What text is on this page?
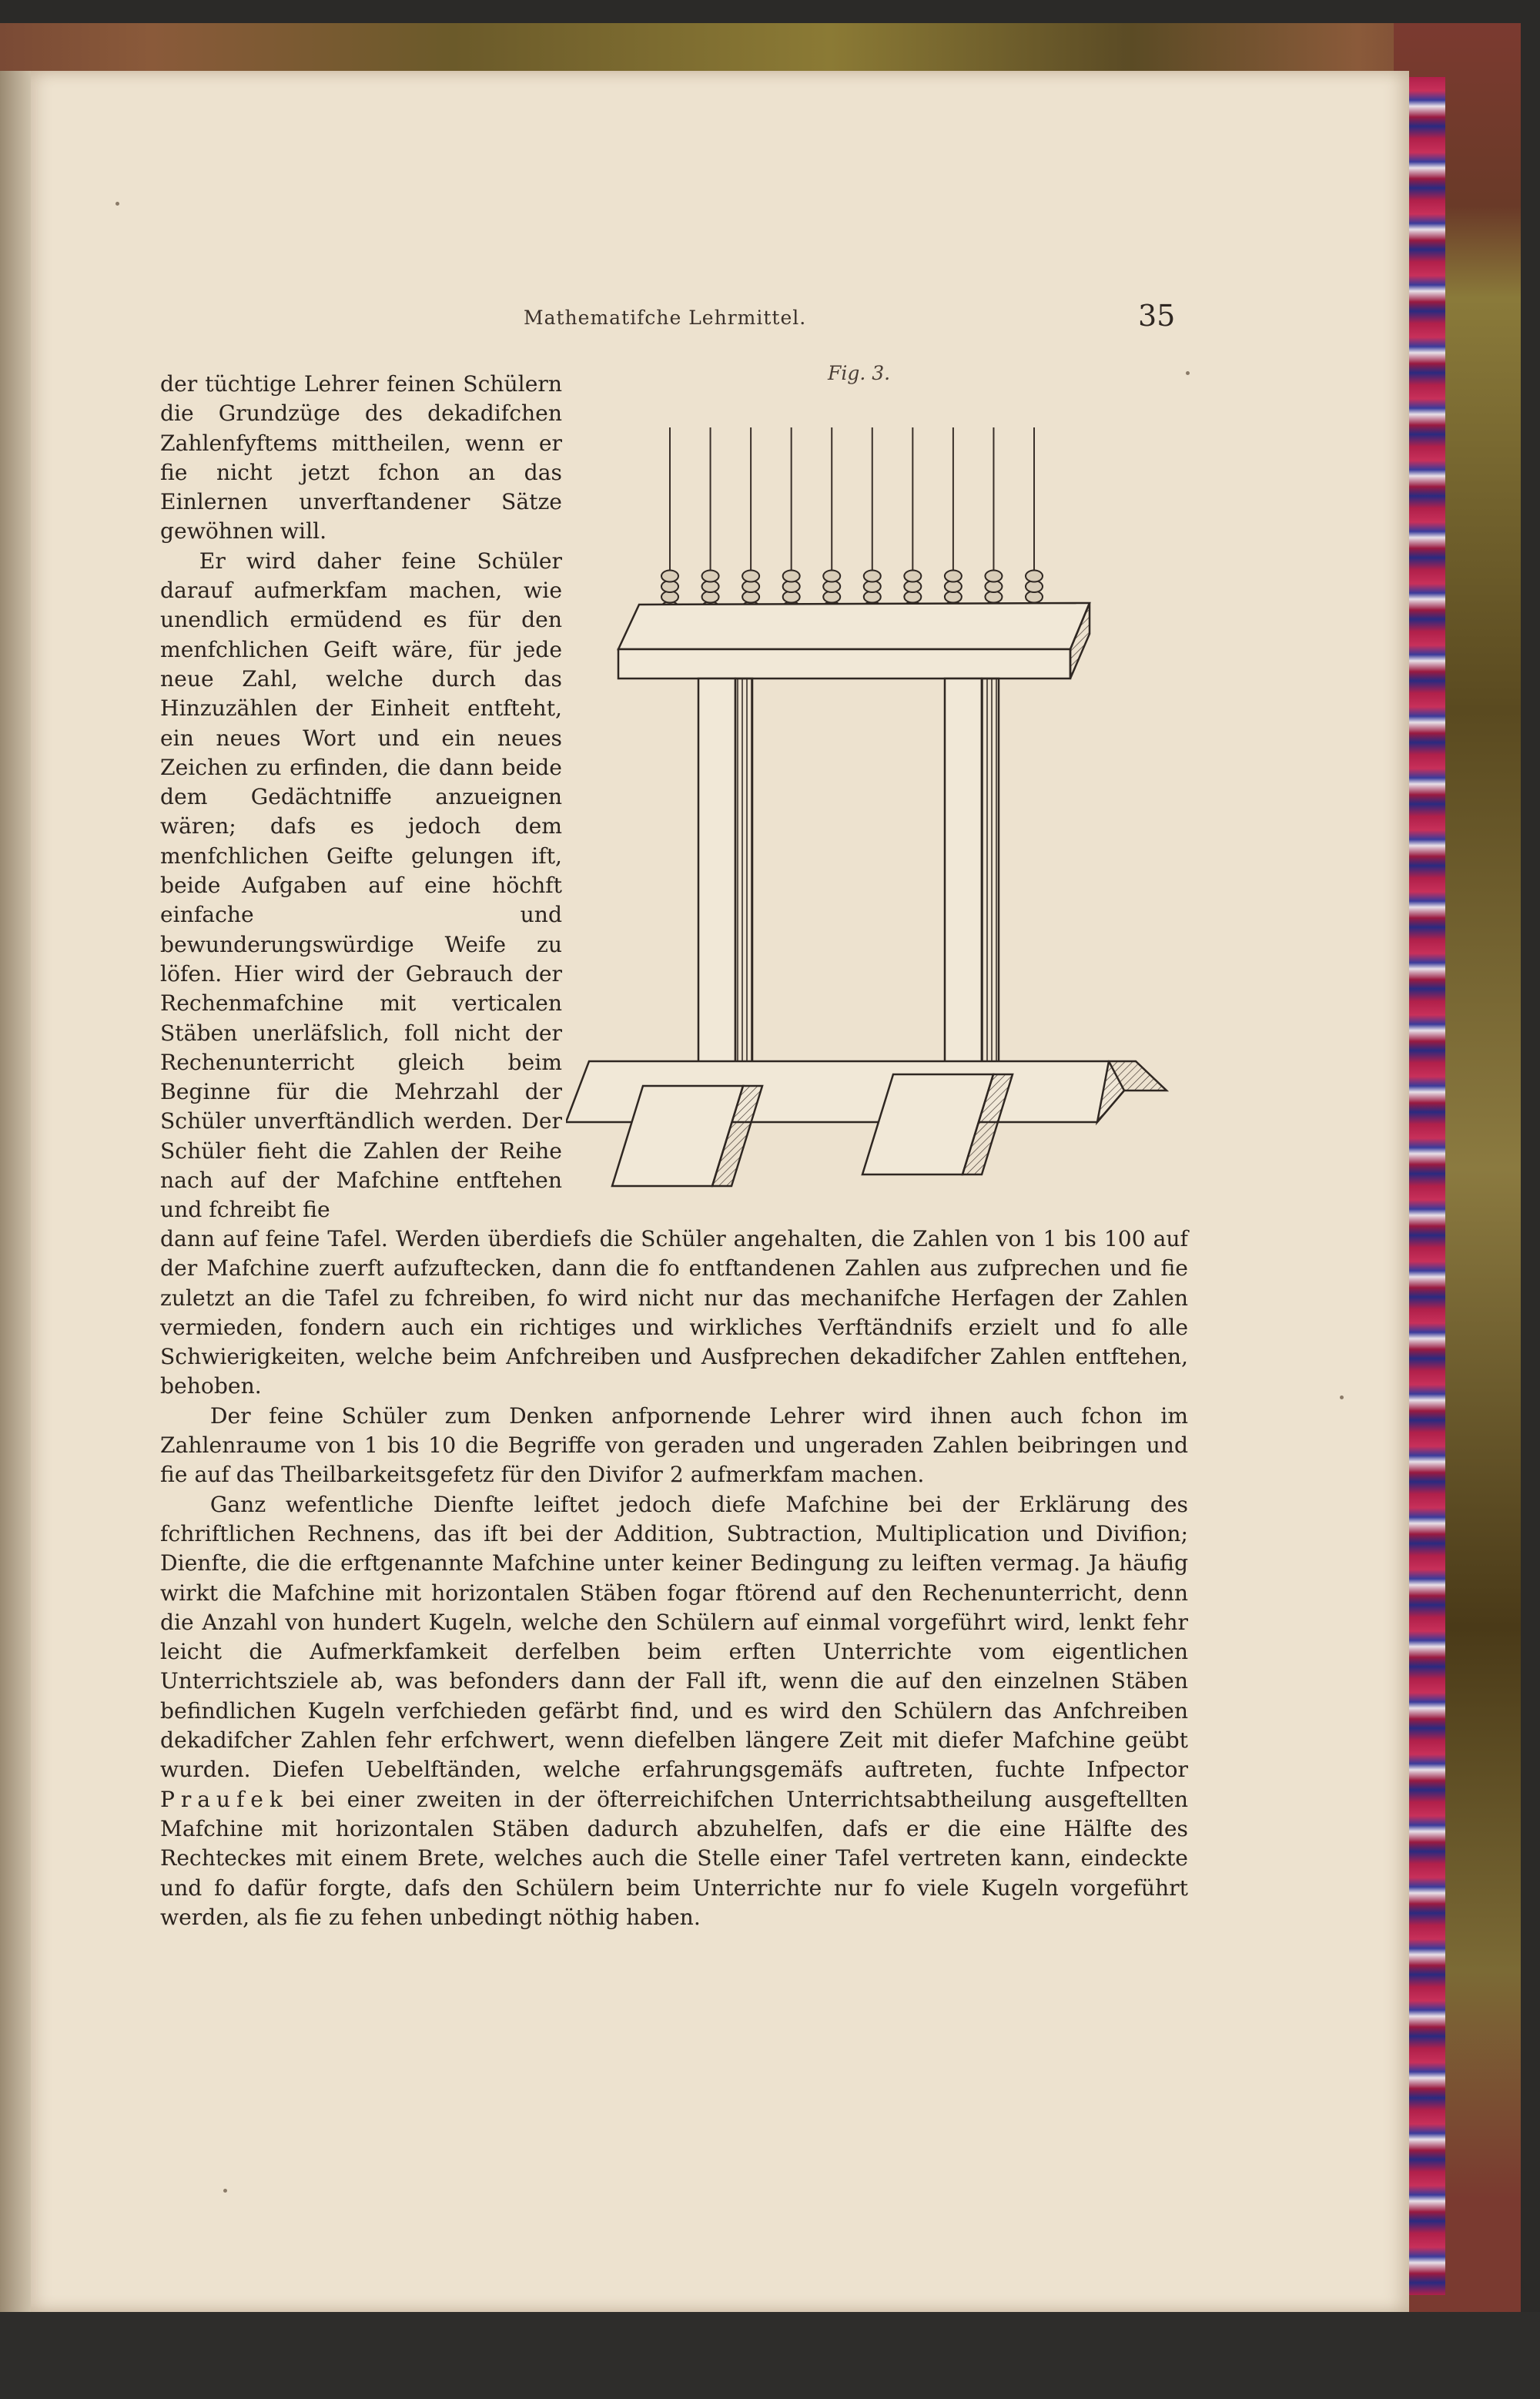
Mathematifche Lehrmittel.	35
Fig. 3.

der tüchtige Lehrer feinen Schülern die Grundzüge des dekadifchen Zahlenfyftems mittheilen, wenn er fie nicht jetzt fchon an das Einlernen unverftandener Sätze gewöhnen will.

Er wird daher feine Schüler darauf aufmerkfam machen, wie unendlich ermüdend es für den menfchlichen Geift wäre, für jede neue Zahl, welche durch das Hinzuzählen der Einheit entfteht, ein neues Wort und ein neues Zeichen zu erfinden, die dann beide dem Gedächtniffe anzueignen wären; dafs es jedoch dem menfchlichen Geifte gelungen ift, beide Aufgaben auf eine höchft einfache und bewunderungswürdige Weife zu löfen. Hier wird der Gebrauch der Rechenmafchine mit verticalen Stäben unerläfslich, foll nicht der Rechenunterricht gleich beim Beginne für die Mehrzahl der Schüler unverftändlich werden. Der Schüler fieht die Zahlen der Reihe nach auf der Mafchine entftehen und fchreibt fie

dann auf feine Tafel. Werden überdiefs die Schüler angehalten, die Zahlen von 1 bis 100 auf der Mafchine zuerft aufzuftecken, dann die fo entftandenen Zahlen aus zufprechen und fie zuletzt an die Tafel zu fchreiben, fo wird nicht nur das mechanifche Herfagen der Zahlen vermieden, fondern auch ein richtiges und wirkliches Verftändnifs erzielt und fo alle Schwierigkeiten, welche beim Anfchreiben und Ausfprechen dekadifcher Zahlen entftehen, behoben.

Der feine Schüler zum Denken anfpornende Lehrer wird ihnen auch fchon im Zahlenraume von 1 bis 10 die Begriffe von geraden und ungeraden Zahlen beibringen und fie auf das Theilbarkeitsgefetz für den Divifor 2 aufmerkfam machen.

Ganz wefentliche Dienfte leiftet jedoch diefe Mafchine bei der Erklärung des fchriftlichen Rechnens, das ift bei der Addition, Subtraction, Multiplication und Divifion; Dienfte, die die erftgenannte Mafchine unter keiner Bedingung zu leiften vermag. Ja häufig wirkt die Mafchine mit horizontalen Stäben fogar ftörend auf den Rechenunterricht, denn die Anzahl von hundert Kugeln, welche den Schülern auf einmal vorgeführt wird, lenkt fehr leicht die Aufmerkfamkeit derfelben beim erften Unterrichte vom eigentlichen Unterrichtsziele ab, was befonders dann der Fall ift, wenn die auf den einzelnen Stäben befindlichen Kugeln verfchieden gefärbt find, und es wird den Schülern das Anfchreiben dekadifcher Zahlen fehr erfchwert, wenn diefelben längere Zeit mit diefer Mafchine geübt wurden. Diefen Uebelftänden, welche erfahrungsgemäfs auftreten, fuchte Infpector Praufek bei einer zweiten in der öfterreichifchen Unterrichtsabtheilung ausgeftellten Mafchine mit horizontalen Stäben dadurch abzuhelfen, dafs er die eine Hälfte des Rechteckes mit einem Brete, welches auch die Stelle einer Tafel vertreten kann, eindeckte und fo dafür forgte, dafs den Schülern beim Unterrichte nur fo viele Kugeln vorgeführt werden, als fie zu fehen unbedingt nöthig haben.
